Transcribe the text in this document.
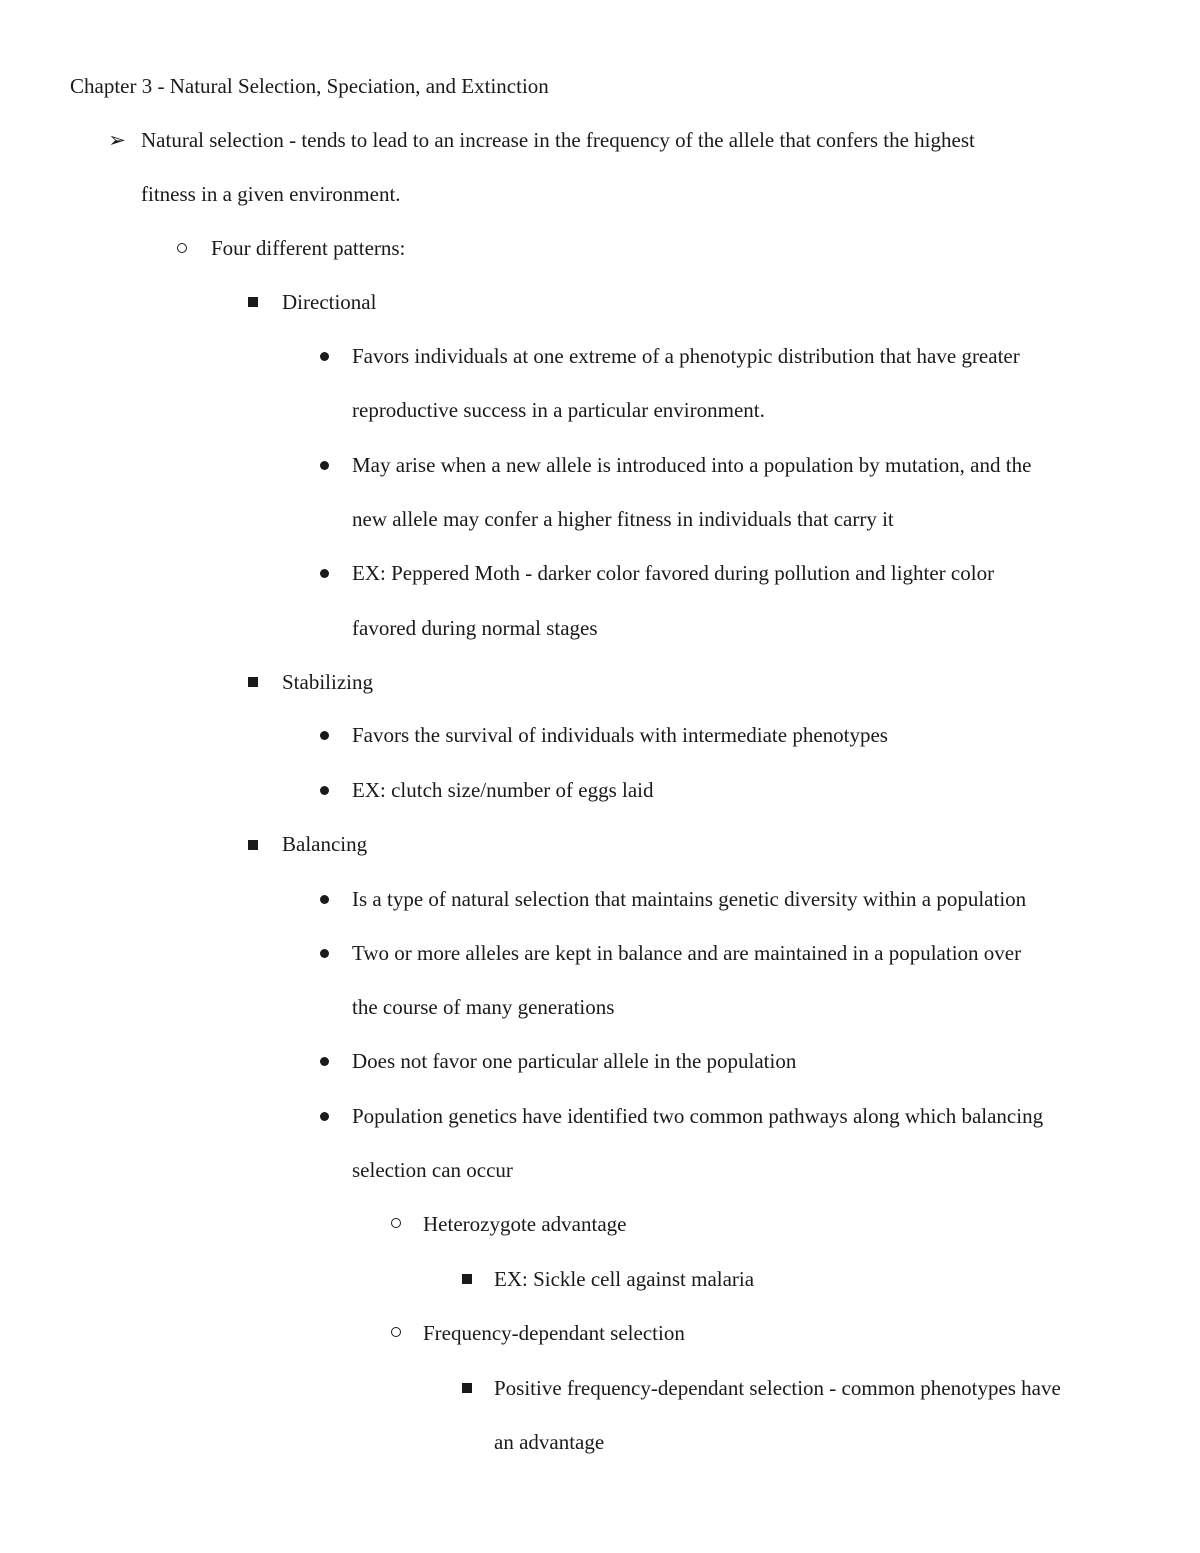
Chapter 3 - Natural Selection, Speciation, and Extinction
➢ Natural selection - tends to lead to an increase in the frequency of the allele that confers the highest
fitness in a given environment.
Four different patterns:
Directional
Favors individuals at one extreme of a phenotypic distribution that have greater
reproductive success in a particular environment.
May arise when a new allele is introduced into a population by mutation, and the
new allele may confer a higher fitness in individuals that carry it
EX: Peppered Moth - darker color favored during pollution and lighter color
favored during normal stages
Stabilizing
Favors the survival of individuals with intermediate phenotypes
EX: clutch size/number of eggs laid
Balancing
Is a type of natural selection that maintains genetic diversity within a population
Two or more alleles are kept in balance and are maintained in a population over
the course of many generations
Does not favor one particular allele in the population
Population genetics have identified two common pathways along which balancing
selection can occur
Heterozygote advantage
EX: Sickle cell against malaria
Frequency-dependant selection
Positive frequency-dependant selection - common phenotypes have
an advantage
